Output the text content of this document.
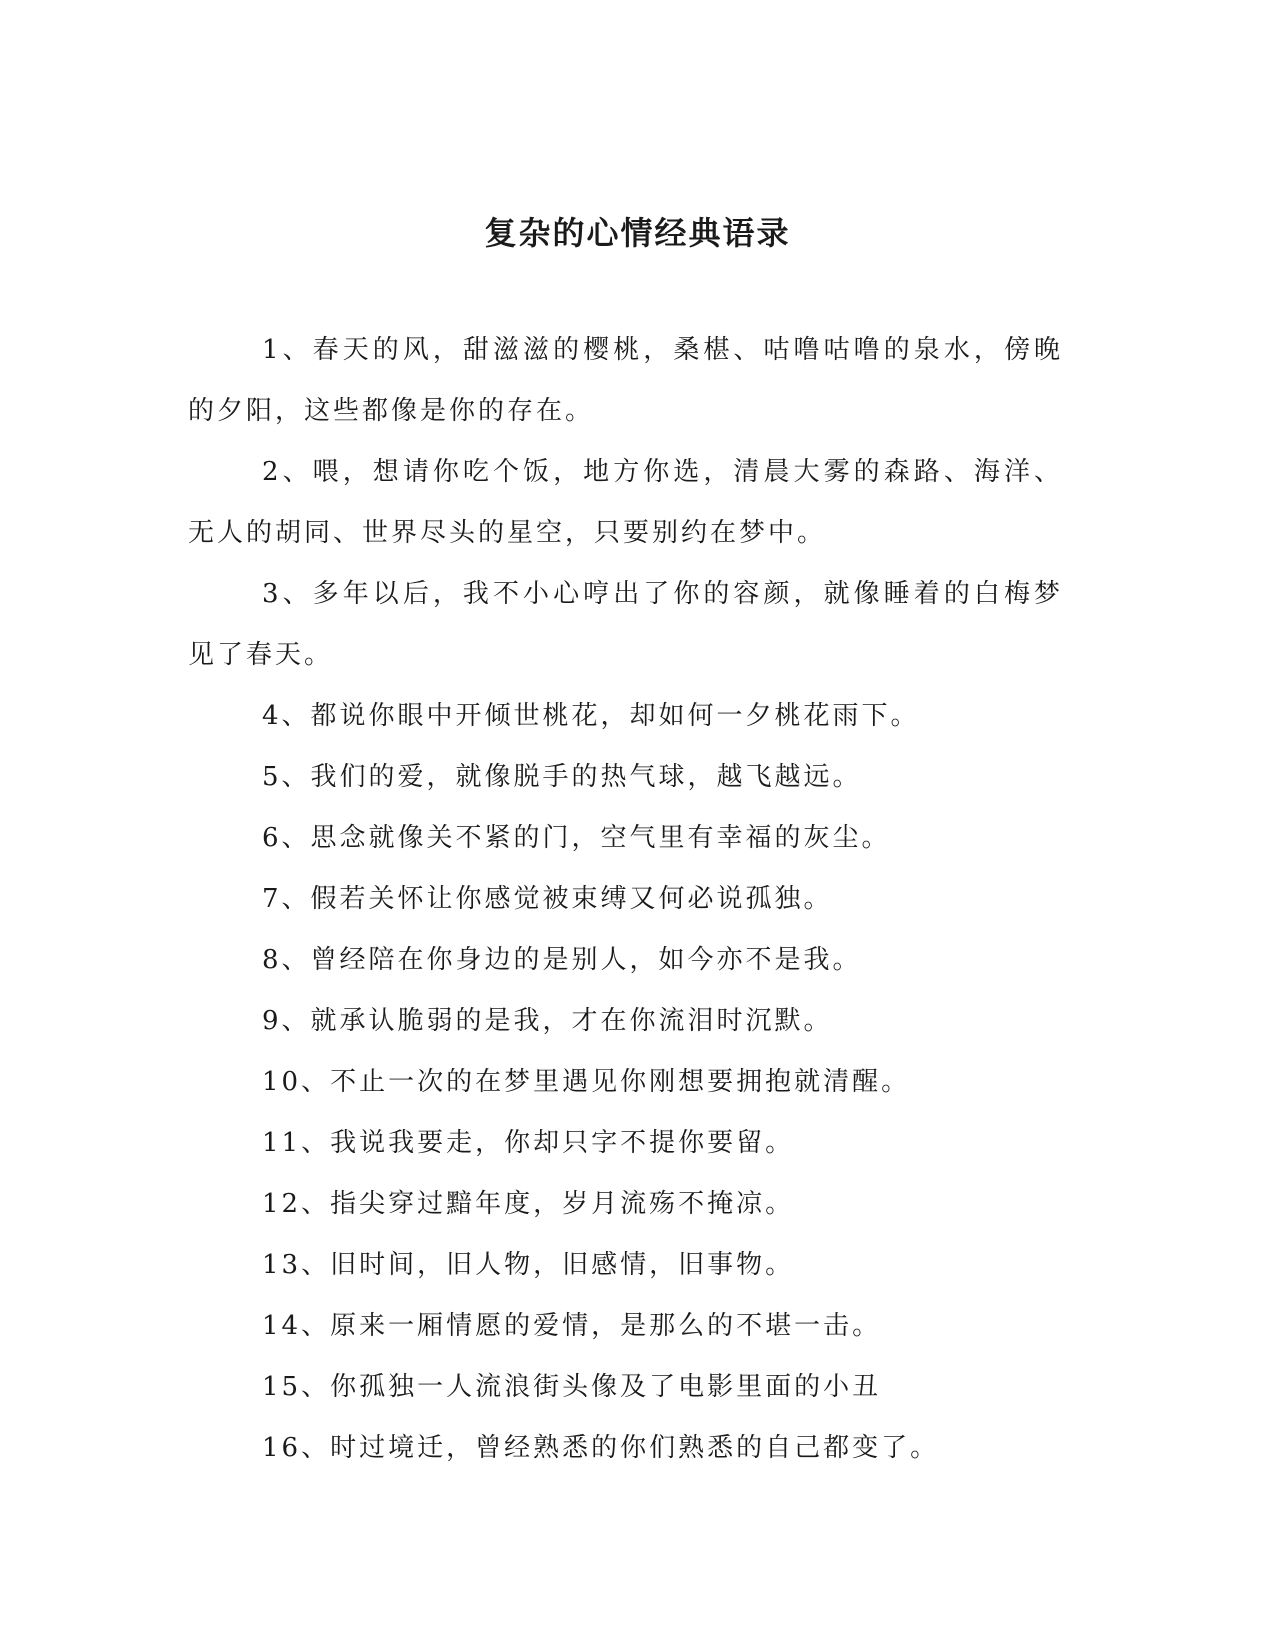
复杂的心情经典语录

1、春天的风，甜滋滋的樱桃，桑椹、咕噜咕噜的泉水，傍晚的夕阳，这些都像是你的存在。

2、喂，想请你吃个饭，地方你选，清晨大雾的森路、海洋、无人的胡同、世界尽头的星空，只要别约在梦中。

3、多年以后，我不小心哼出了你的容颜，就像睡着的白梅梦见了春天。

4、都说你眼中开倾世桃花，却如何一夕桃花雨下。

5、我们的爱，就像脱手的热气球，越飞越远。

6、思念就像关不紧的门，空气里有幸福的灰尘。

7、假若关怀让你感觉被束缚又何必说孤独。

8、曾经陪在你身边的是别人，如今亦不是我。

9、就承认脆弱的是我，才在你流泪时沉默。

10、不止一次的在梦里遇见你刚想要拥抱就清醒。

11、我说我要走，你却只字不提你要留。

12、指尖穿过黯年度，岁月流殇不掩凉。

13、旧时间，旧人物，旧感情，旧事物。

14、原来一厢情愿的爱情，是那么的不堪一击。

15、你孤独一人流浪街头像及了电影里面的小丑

16、时过境迁，曾经熟悉的你们熟悉的自己都变了。
